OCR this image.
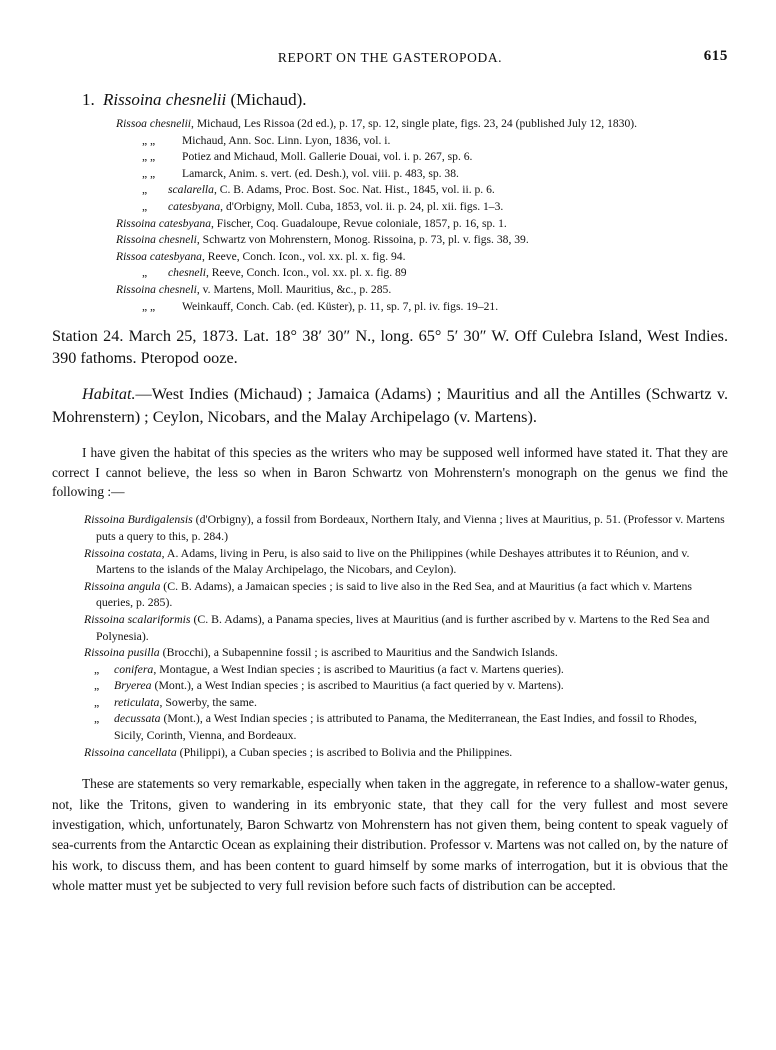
REPORT ON THE GASTEROPODA.	615
1. Rissoina chesnelii (Michaud).
Rissoa chesnelii, Michaud, Les Rissoa (2d ed.), p. 17, sp. 12, single plate, figs. 23, 24 (published July 12, 1830).
„ „ Michaud, Ann. Soc. Linn. Lyon, 1836, vol. i.
„ „ Potiez and Michaud, Moll. Gallerie Douai, vol. i. p. 267, sp. 6.
„ „ Lamarck, Anim. s. vert. (ed. Desh.), vol. viii. p. 483, sp. 38.
„ scalarella, C. B. Adams, Proc. Bost. Soc. Nat. Hist., 1845, vol. ii. p. 6.
„ catesbyana, d'Orbigny, Moll. Cuba, 1853, vol. ii. p. 24, pl. xii. figs. 1–3.
Rissoina catesbyana, Fischer, Coq. Guadaloupe, Revue coloniale, 1857, p. 16, sp. 1.
Rissoina chesneli, Schwartz von Mohrenstern, Monog. Rissoina, p. 73, pl. v. figs. 38, 39.
Rissoa catesbyana, Reeve, Conch. Icon., vol. xx. pl. x. fig. 94.
„ chesneli, Reeve, Conch. Icon., vol. xx. pl. x. fig. 89
Rissoina chesneli, v. Martens, Moll. Mauritius, &c., p. 285.
„ „ Weinkauff, Conch. Cab. (ed. Küster), p. 11, sp. 7, pl. iv. figs. 19–21.
Station 24. March 25, 1873. Lat. 18° 38′ 30″ N., long. 65° 5′ 30″ W. Off Culebra Island, West Indies. 390 fathoms. Pteropod ooze.
Habitat.—West Indies (Michaud) ; Jamaica (Adams) ; Mauritius and all the Antilles (Schwartz v. Mohrenstern) ; Ceylon, Nicobars, and the Malay Archipelago (v. Martens).
I have given the habitat of this species as the writers who may be supposed well informed have stated it. That they are correct I cannot believe, the less so when in Baron Schwartz von Mohrenstern's monograph on the genus we find the following :—
Rissoina Burdigalensis (d'Orbigny), a fossil from Bordeaux, Northern Italy, and Vienna ; lives at Mauritius, p. 51. (Professor v. Martens puts a query to this, p. 284.)
Rissoina costata, A. Adams, living in Peru, is also said to live on the Philippines (while Deshayes attributes it to Réunion, and v. Martens to the islands of the Malay Archipelago, the Nicobars, and Ceylon).
Rissoina angula (C. B. Adams), a Jamaican species ; is said to live also in the Red Sea, and at Mauritius (a fact which v. Martens queries, p. 285).
Rissoina scalariformis (C. B. Adams), a Panama species, lives at Mauritius (and is further ascribed by v. Martens to the Red Sea and Polynesia).
Rissoina pusilla (Brocchi), a Subapennine fossil ; is ascribed to Mauritius and the Sandwich Islands.
„ conifera, Montague, a West Indian species ; is ascribed to Mauritius (a fact v. Martens queries).
„ Bryerea (Mont.), a West Indian species ; is ascribed to Mauritius (a fact queried by v. Martens).
„ reticulata, Sowerby, the same.
„ decussata (Mont.), a West Indian species ; is attributed to Panama, the Mediterranean, the East Indies, and fossil to Rhodes, Sicily, Corinth, Vienna, and Bordeaux.
Rissoina cancellata (Philippi), a Cuban species ; is ascribed to Bolivia and the Philippines.
These are statements so very remarkable, especially when taken in the aggregate, in reference to a shallow-water genus, not, like the Tritons, given to wandering in its embryonic state, that they call for the very fullest and most severe investigation, which, unfortunately, Baron Schwartz von Mohrenstern has not given them, being content to speak vaguely of sea-currents from the Antarctic Ocean as explaining their distribution. Professor v. Martens was not called on, by the nature of his work, to discuss them, and has been content to guard himself by some marks of interrogation, but it is obvious that the whole matter must yet be subjected to very full revision before such facts of distribution can be accepted.
